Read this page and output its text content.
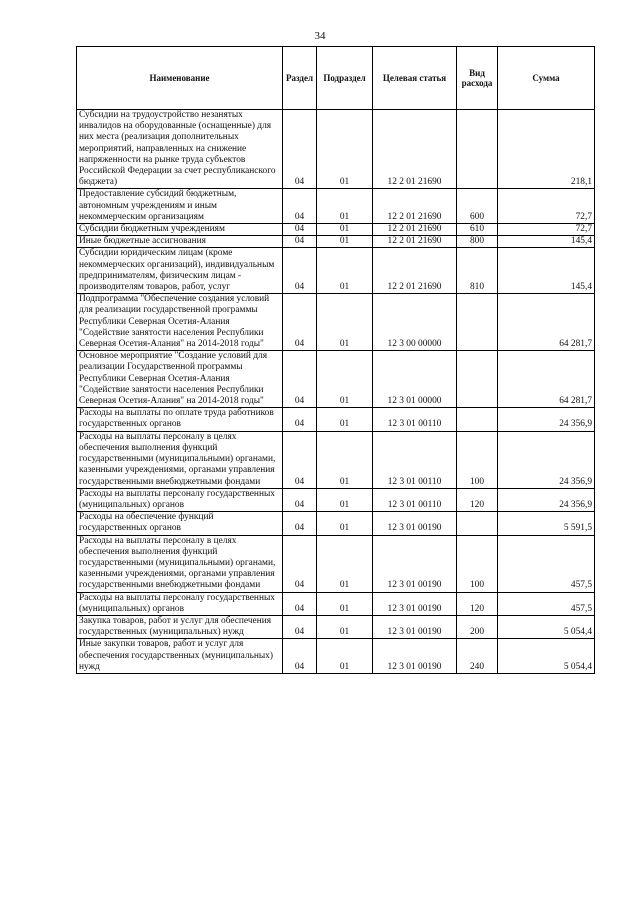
34
Наименование	Раздел	Подраздел	Целевая статья	Вид расхода	Сумма
Субсидии на трудоустройство незанятых инвалидов на оборудованные (оснащенные) для них места (реализация дополнительных мероприятий, направленных на снижение напряженности на рынке труда субъектов Российской Федерации за счет республиканского бюджета)	04	01	12 2 01 21690		218,1
Предоставление субсидий бюджетным, автономным учреждениям и иным некоммерческим организациям	04	01	12 2 01 21690	600	72,7
Субсидии бюджетным учреждениям	04	01	12 2 01 21690	610	72,7
Иные бюджетные ассигнования	04	01	12 2 01 21690	800	145,4
Субсидии юридическим лицам (кроме некоммерческих организаций), индивидуальным предпринимателям, физическим лицам - производителям товаров, работ, услуг	04	01	12 2 01 21690	810	145,4
Подпрограмма "Обеспечение создания условий для реализации государственной программы Республики Северная Осетия-Алания "Содействие занятости населения Республики Северная Осетия-Алания" на 2014-2018 годы"	04	01	12 3 00 00000		64 281,7
Основное мероприятие "Создание условий для реализации Государственной программы Республики Северная Осетия-Алания "Содействие занятости населения Республики Северная Осетия-Алания" на 2014-2018 годы"	04	01	12 3 01 00000		64 281,7
Расходы на выплаты по оплате труда работников государственных органов	04	01	12 3 01 00110		24 356,9
Расходы на выплаты персоналу в целях обеспечения выполнения функций государственными (муниципальными) органами, казенными учреждениями, органами управления государственными внебюджетными фондами	04	01	12 3 01 00110	100	24 356,9
Расходы на выплаты персоналу государственных (муниципальных) органов	04	01	12 3 01 00110	120	24 356,9
Расходы на обеспечение функций государственных органов	04	01	12 3 01 00190		5 591,5
Расходы на выплаты персоналу в целях обеспечения выполнения функций государственными (муниципальными) органами, казенными учреждениями, органами управления государственными внебюджетными фондами	04	01	12 3 01 00190	100	457,5
Расходы на выплаты персоналу государственных (муниципальных) органов	04	01	12 3 01 00190	120	457,5
Закупка товаров, работ и услуг для обеспечения государственных (муниципальных) нужд	04	01	12 3 01 00190	200	5 054,4
Иные закупки товаров, работ и услуг для обеспечения государственных (муниципальных) нужд	04	01	12 3 01 00190	240	5 054,4
